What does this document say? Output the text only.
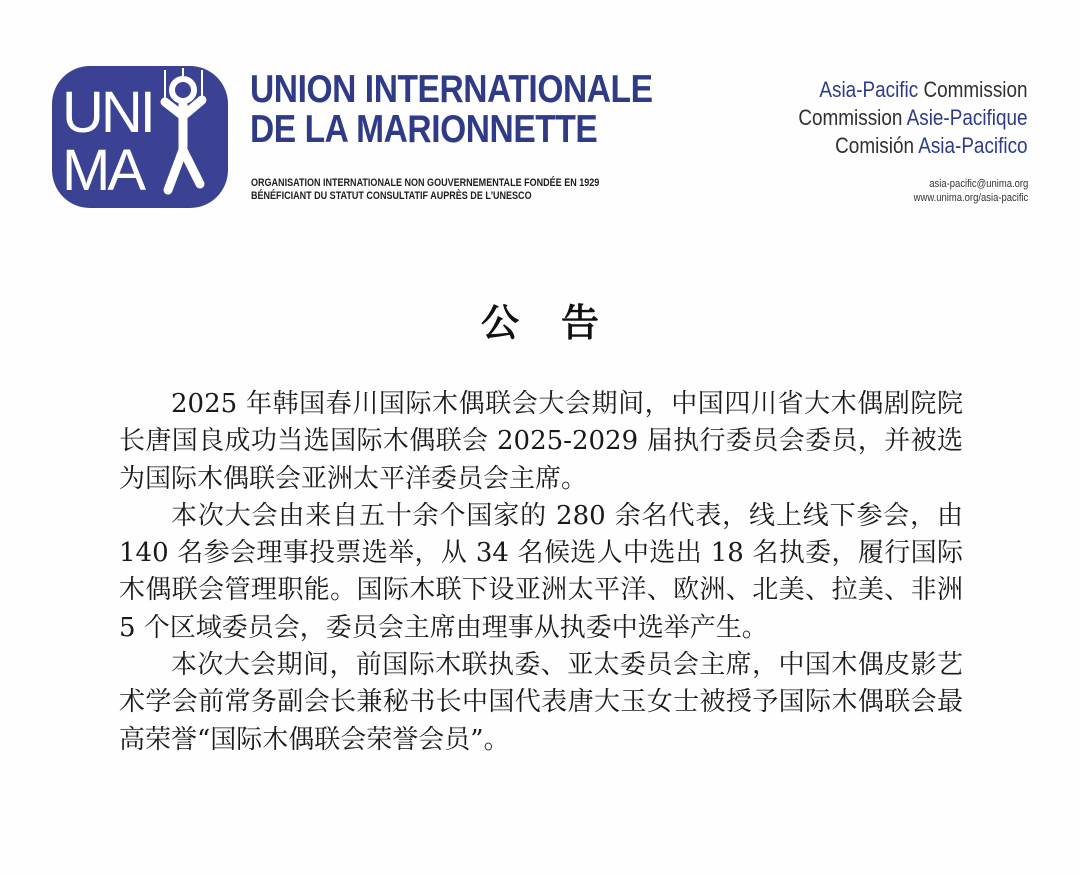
UNI
MA
UNION INTERNATIONALE
DE LA MARIONNETTE
ORGANISATION INTERNATIONALE NON GOUVERNEMENTALE FONDÉE EN 1929
BÉNÉFICIANT DU STATUT CONSULTATIF AUPRÈS DE L'UNESCO
Asia-Pacific Commission
Commission Asie-Pacifique
Comisión Asia-Pacifico
asia-pacific@unima.org
www.unima.org/asia-pacific
公告

2025 年韩国春川国际木偶联会大会期间，中国四川省大木偶剧院院长唐国良成功当选国际木偶联会 2025-2029 届执行委员会委员，并被选为国际木偶联会亚洲太平洋委员会主席。

本次大会由来自五十余个国家的 280 余名代表，线上线下参会，由 140 名参会理事投票选举，从 34 名候选人中选出 18 名执委，履行国际木偶联会管理职能。国际木联下设亚洲太平洋、欧洲、北美、拉美、非洲 5 个区域委员会，委员会主席由理事从执委中选举产生。

本次大会期间，前国际木联执委、亚太委员会主席，中国木偶皮影艺术学会前常务副会长兼秘书长中国代表唐大玉女士被授予国际木偶联会最高荣誉“国际木偶联会荣誉会员”。
